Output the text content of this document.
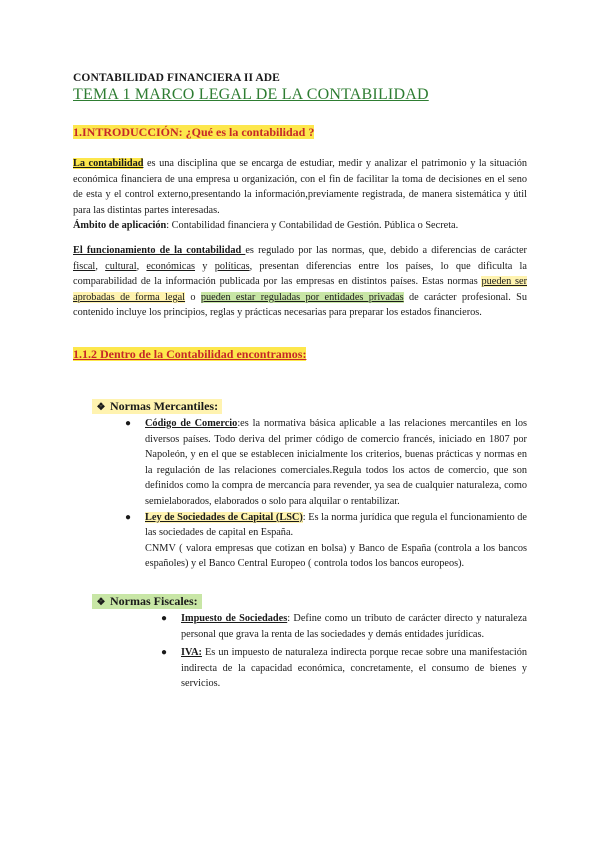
CONTABILIDAD FINANCIERA II ADE

TEMA 1 MARCO LEGAL DE LA CONTABILIDAD

1.INTRODUCCIÓN: ¿Qué es la contabilidad ?

La contabilidad es una disciplina que se encarga de estudiar, medir y analizar el patrimonio y la situación económica financiera de una empresa u organización, con el fin de facilitar la toma de decisiones en el seno de esta y el control externo,presentando la información,previamente registrada, de manera sistemática y útil para las distintas partes interesadas.

Ámbito de aplicación: Contabilidad financiera y Contabilidad de Gestión. Pública o Secreta.

El funcionamiento de la contabilidad es regulado por las normas, que, debido a diferencias de carácter fiscal, cultural, económicas y políticas, presentan diferencias entre los países, lo que dificulta la comparabilidad de la información publicada por las empresas en distintos países. Estas normas pueden ser aprobadas de forma legal o pueden estar reguladas por entidades privadas de carácter profesional. Su contenido incluye los principios, reglas y prácticas necesarias para preparar los estados financieros.

1.1.2 Dentro de la Contabilidad encontramos:

❖ Normas Mercantiles:
● Código de Comercio:es la normativa básica aplicable a las relaciones mercantiles en los diversos países. Todo deriva del primer código de comercio francés, iniciado en 1807 por Napoleón, y en el que se establecen inicialmente los criterios, buenas prácticas y normas en la regulación de las relaciones comerciales.Regula todos los actos de comercio, que son definidos como la compra de mercancía para revender, ya sea de cualquier naturaleza, como semielaborados, elaborados o solo para alquilar o rentabilizar.
● Ley de Sociedades de Capital (LSC): Es la norma jurídica que regula el funcionamiento de las sociedades de capital en España.

CNMV ( valora empresas que cotizan en bolsa) y Banco de España (controla a los bancos españoles) y el Banco Central Europeo ( controla todos los bancos europeos).

❖ Normas Fiscales:
● Impuesto de Sociedades: Define como un tributo de carácter directo y naturaleza personal que grava la renta de las sociedades y demás entidades jurídicas.
● IVA: Es un impuesto de naturaleza indirecta porque recae sobre una manifestación indirecta de la capacidad económica, concretamente, el consumo de bienes y servicios.
